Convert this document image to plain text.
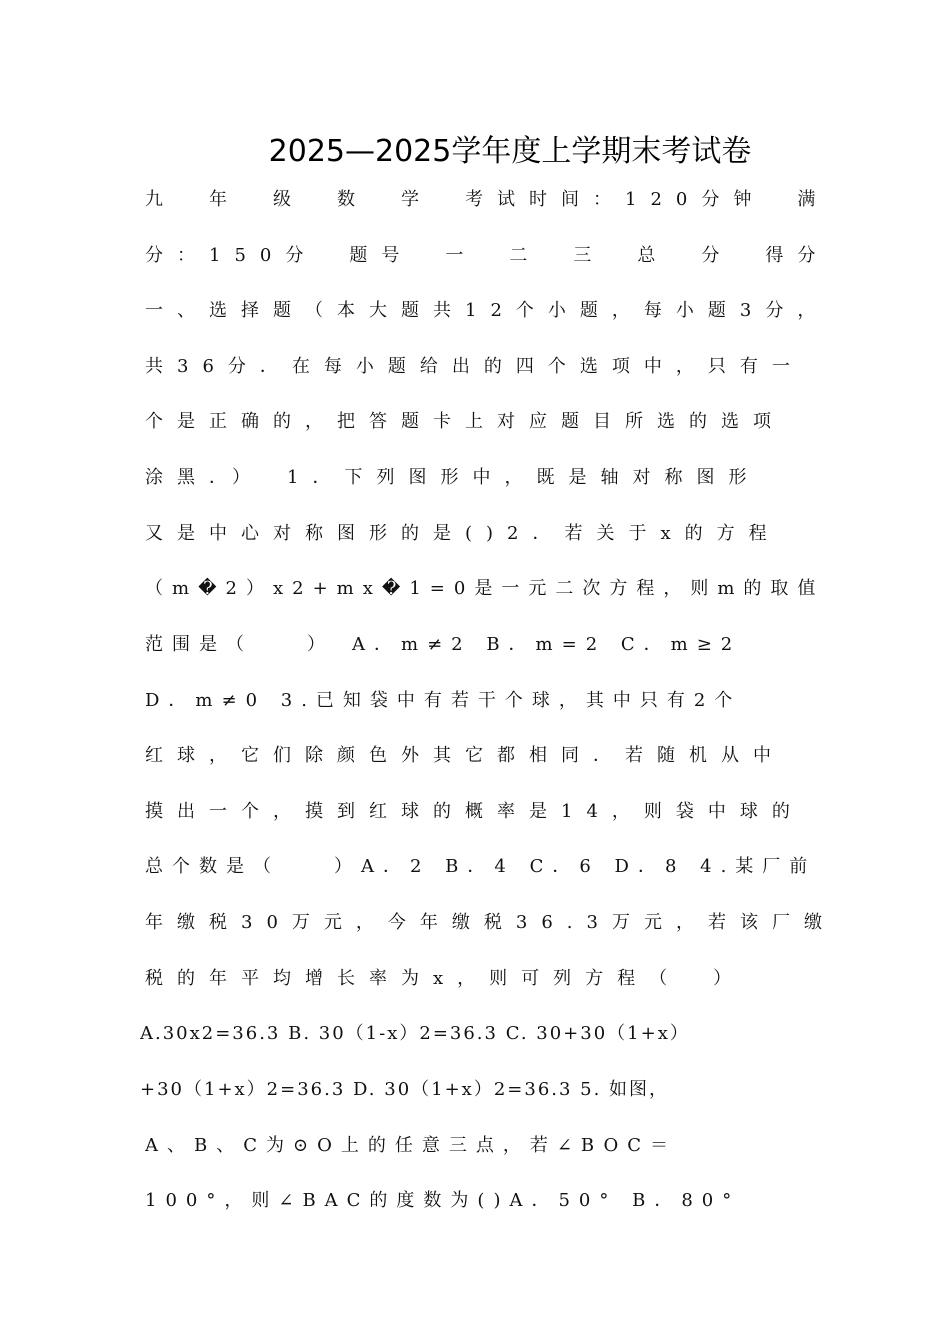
2025—2025学年度上学期末考试卷
九　年　级　数　学　考试时间：120分钟　满
分：150分　题号　一　二　三　总　分　得分
一、选择题（本大题共12个小题，每小题3分，
共36分．在每小题给出的四个选项中，只有一
个是正确的，把答题卡上对应题目所选的选项
涂黑．）　1．下列图形中，既是轴对称图形
又是中心对称图形的是()2．若关于x的方程
（m�2）x2+mx�1=0是一元二次方程，则m的取值
范围是（　　）　A．m≠2 B．m=2 C．m≥2
D．m≠0 3.已知袋中有若干个球，其中只有2个
红球，它们除颜色外其它都相同．若随机从中
摸出一个，摸到红球的概率是14，则袋中球的
总个数是（　　）A．2 B．4 C．6 D．8 4.某厂前
年缴税30万元，今年缴税36.3万元，若该厂缴
税的年平均增长率为x，则可列方程（　）
A.30x2=36.3 B. 30（1-x）2=36.3 C. 30+30（1+x）
+30（1+x）2=36.3 D. 30（1+x）2=36.3 5. 如图，
A、B、C为⊙O上的任意三点，若∠BOC＝
100°，则∠BAC的度数为()A．50° B．80°
